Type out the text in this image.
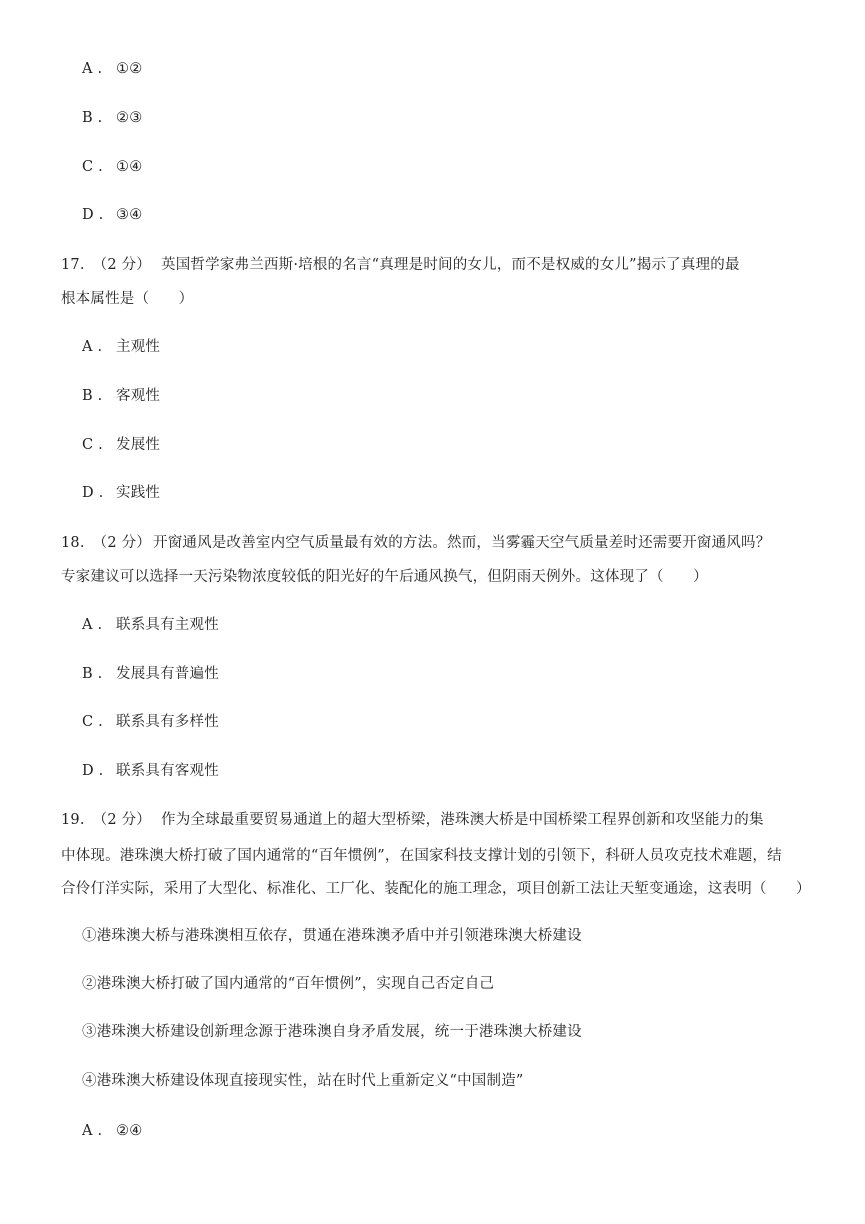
A . ①②
B . ②③
C . ①④
D . ③④
17. （2 分） 英国哲学家弗兰西斯·培根的名言“真理是时间的女儿，而不是权威的女儿”揭示了真理的最
根本属性是（　　）
A . 主观性
B . 客观性
C . 发展性
D . 实践性
18. （2 分） 开窗通风是改善室内空气质量最有效的方法。然而，当雾霾天空气质量差时还需要开窗通风吗？
专家建议可以选择一天污染物浓度较低的阳光好的午后通风换气，但阴雨天例外。这体现了（　　）
A . 联系具有主观性
B . 发展具有普遍性
C . 联系具有多样性
D . 联系具有客观性
19. （2 分） 作为全球最重要贸易通道上的超大型桥梁，港珠澳大桥是中国桥梁工程界创新和攻坚能力的集
中体现。港珠澳大桥打破了国内通常的“百年惯例”，在国家科技支撑计划的引领下，科研人员攻克技术难题，结
合伶仃洋实际，采用了大型化、标准化、工厂化、装配化的施工理念，项目创新工法让天堑变通途，这表明（　　）
①港珠澳大桥与港珠澳相互依存，贯通在港珠澳矛盾中并引领港珠澳大桥建设
②港珠澳大桥打破了国内通常的“百年惯例”，实现自己否定自己
③港珠澳大桥建设创新理念源于港珠澳自身矛盾发展，统一于港珠澳大桥建设
④港珠澳大桥建设体现直接现实性，站在时代上重新定义“中国制造”
A . ②④
